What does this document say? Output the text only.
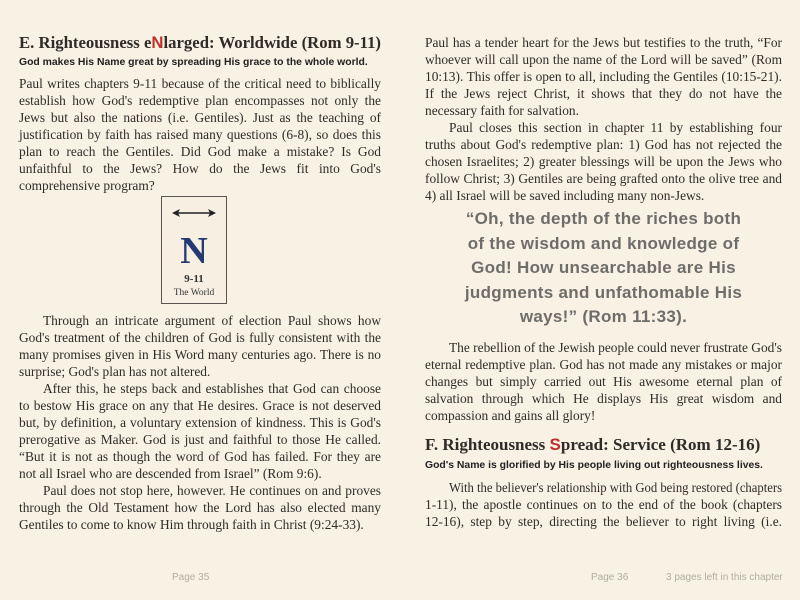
E. Righteousness eNlarged: Worldwide (Rom 9-11)
God makes His Name great by spreading His grace to the whole world.
Paul writes chapters 9-11 because of the critical need to biblically
establish how God's redemptive plan encompasses not only the
Jews but also the nations (i.e. Gentiles). Just as the teaching of
justification by faith has raised many questions (6-8), so does this
plan to reach the Gentiles. Did God make a mistake? Is God
unfaithful to the Jews? How do the Jews fit into God's
comprehensive program?
N
9-11
The World
Through an intricate argument of election Paul shows how
God's treatment of the children of God is fully consistent with the
many promises given in His Word many centuries ago. There is no
surprise; God's plan has not altered.
After this, he steps back and establishes that God can choose
to bestow His grace on any that He desires. Grace is not deserved
but, by definition, a voluntary extension of kindness. This is God's
prerogative as Maker. God is just and faithful to those He called.
“But it is not as though the word of God has failed. For they are
not all Israel who are descended from Israel” (Rom 9:6).
Paul does not stop here, however. He continues on and proves
through the Old Testament how the Lord has also elected many
Gentiles to come to know Him through faith in Christ (9:24-33).
Page 35
Paul has a tender heart for the Jews but testifies to the truth, “For
whoever will call upon the name of the Lord will be saved” (Rom
10:13). This offer is open to all, including the Gentiles (10:15-21).
If the Jews reject Christ, it shows that they do not have the
necessary faith for salvation.
Paul closes this section in chapter 11 by establishing four
truths about God's redemptive plan: 1) God has not rejected the
chosen Israelites; 2) greater blessings will be upon the Jews who
follow Christ; 3) Gentiles are being grafted onto the olive tree and
4) all Israel will be saved including many non-Jews.
“Oh, the depth of the riches both
of the wisdom and knowledge of
God! How unsearchable are His
judgments and unfathomable His
ways!” (Rom 11:33).
The rebellion of the Jewish people could never frustrate God's
eternal redemptive plan. God has not made any mistakes or major
changes but simply carried out His awesome eternal plan of
salvation through which He displays His great wisdom and
compassion and gains all glory!
F. Righteousness Spread: Service (Rom 12-16)
God's Name is glorified by His people living out righteousness lives.
With the believer's relationship with God being restored (chapters
1-11), the apostle continues on to the end of the book (chapters
12-16), step by step, directing the believer to right living (i.e.
Page 36	3 pages left in this chapter
